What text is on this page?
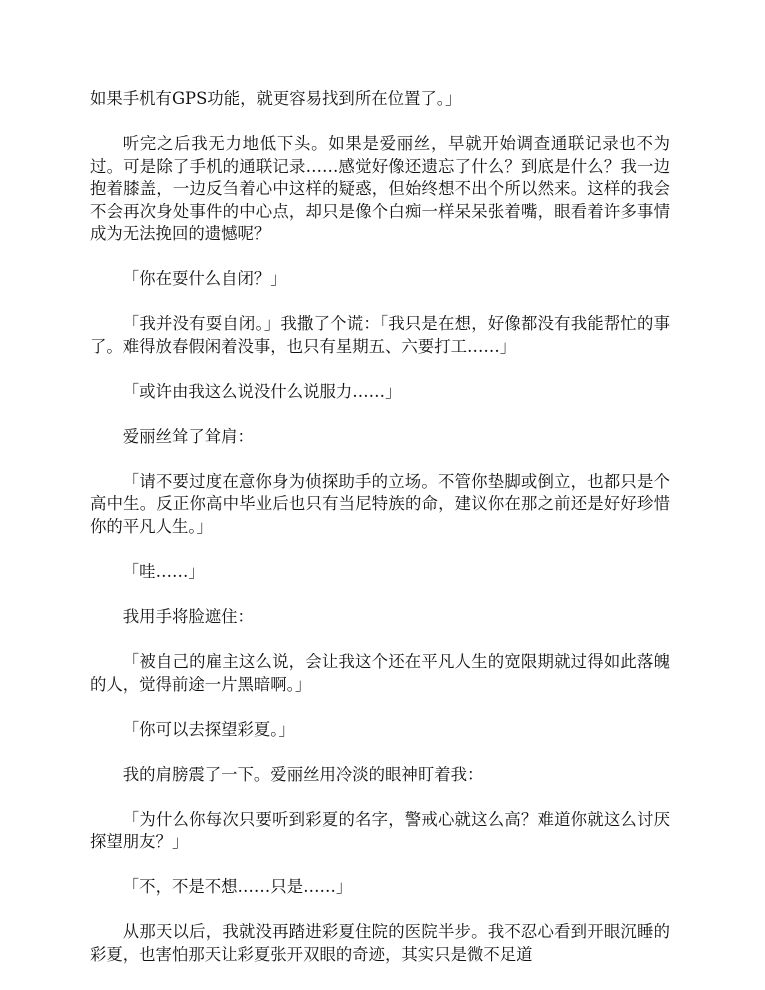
如果手机有GPS功能，就更容易找到所在位置了。」

听完之后我无力地低下头。如果是爱丽丝，早就开始调查通联记录也不为过。可是除了手机的通联记录……感觉好像还遗忘了什么？到底是什么？我一边抱着膝盖，一边反刍着心中这样的疑惑，但始终想不出个所以然来。这样的我会不会再次身处事件的中心点，却只是像个白痴一样呆呆张着嘴，眼看着许多事情成为无法挽回的遗憾呢？

「你在耍什么自闭？」

「我并没有耍自闭。」我撒了个谎：「我只是在想，好像都没有我能帮忙的事了。难得放春假闲着没事，也只有星期五、六要打工……」

「或许由我这么说没什么说服力……」

爱丽丝耸了耸肩：

「请不要过度在意你身为侦探助手的立场。不管你垫脚或倒立，也都只是个高中生。反正你高中毕业后也只有当尼特族的命，建议你在那之前还是好好珍惜你的平凡人生。」

「哇……」

我用手将脸遮住：

「被自己的雇主这么说，会让我这个还在平凡人生的宽限期就过得如此落魄的人，觉得前途一片黑暗啊。」

「你可以去探望彩夏。」

我的肩膀震了一下。爱丽丝用冷淡的眼神盯着我：

「为什么你每次只要听到彩夏的名字，警戒心就这么高？难道你就这么讨厌探望朋友？」

「不，不是不想……只是……」

从那天以后，我就没再踏进彩夏住院的医院半步。我不忍心看到开眼沉睡的彩夏，也害怕那天让彩夏张开双眼的奇迹，其实只是微不足道
